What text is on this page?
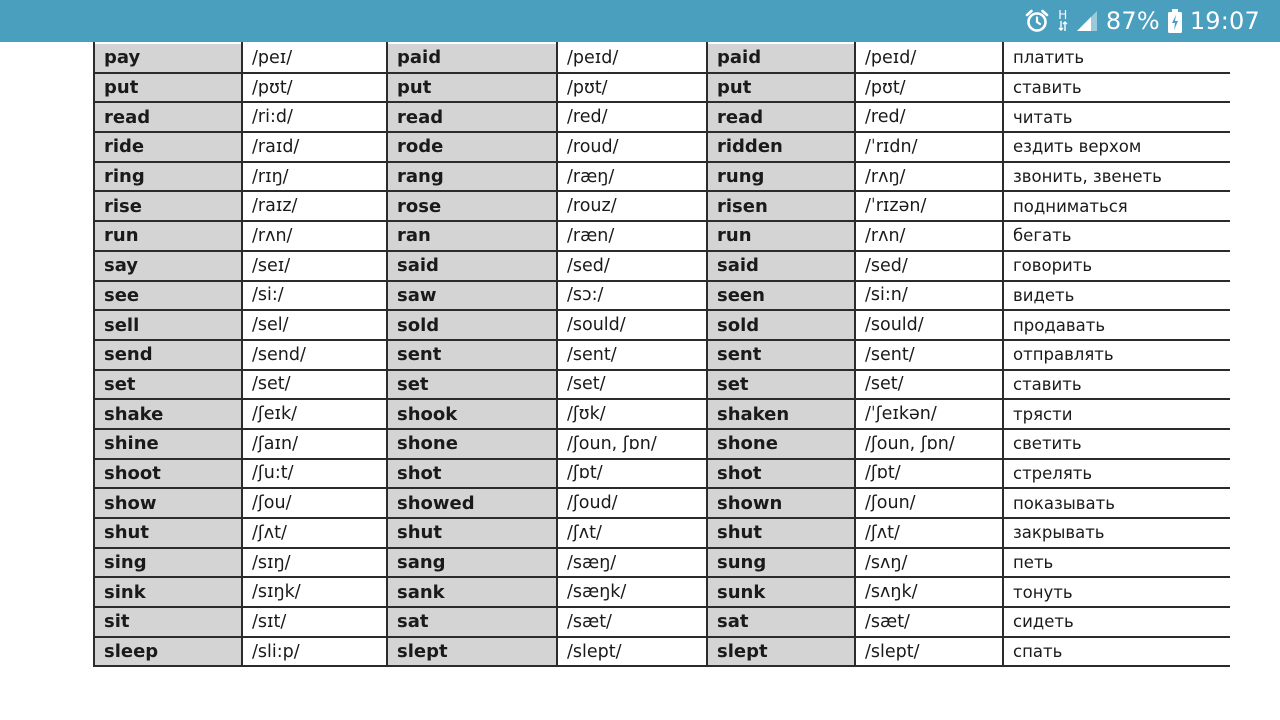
H 87% 19:07
pay	/peɪ/	paid	/peɪd/	paid	/peɪd/	платить
put	/pʊt/	put	/pʊt/	put	/pʊt/	ставить
read	/ri:d/	read	/red/	read	/red/	читать
ride	/raɪd/	rode	/roud/	ridden	/ˈrɪdn/	ездить верхом
ring	/rɪŋ/	rang	/ræŋ/	rung	/rʌŋ/	звонить, звенеть
rise	/raɪz/	rose	/rouz/	risen	/ˈrɪzən/	подниматься
run	/rʌn/	ran	/ræn/	run	/rʌn/	бегать
say	/seɪ/	said	/sed/	said	/sed/	говорить
see	/si:/	saw	/sɔ:/	seen	/si:n/	видеть
sell	/sel/	sold	/sould/	sold	/sould/	продавать
send	/send/	sent	/sent/	sent	/sent/	отправлять
set	/set/	set	/set/	set	/set/	ставить
shake	/ʃeɪk/	shook	/ʃʊk/	shaken	/ˈʃeɪkən/	трясти
shine	/ʃaɪn/	shone	/ʃoun, ʃɒn/	shone	/ʃoun, ʃɒn/	светить
shoot	/ʃu:t/	shot	/ʃɒt/	shot	/ʃɒt/	стрелять
show	/ʃou/	showed	/ʃoud/	shown	/ʃoun/	показывать
shut	/ʃʌt/	shut	/ʃʌt/	shut	/ʃʌt/	закрывать
sing	/sɪŋ/	sang	/sæŋ/	sung	/sʌŋ/	петь
sink	/sɪŋk/	sank	/sæŋk/	sunk	/sʌŋk/	тонуть
sit	/sɪt/	sat	/sæt/	sat	/sæt/	сидеть
sleep	/sli:p/	slept	/slept/	slept	/slept/	спать
